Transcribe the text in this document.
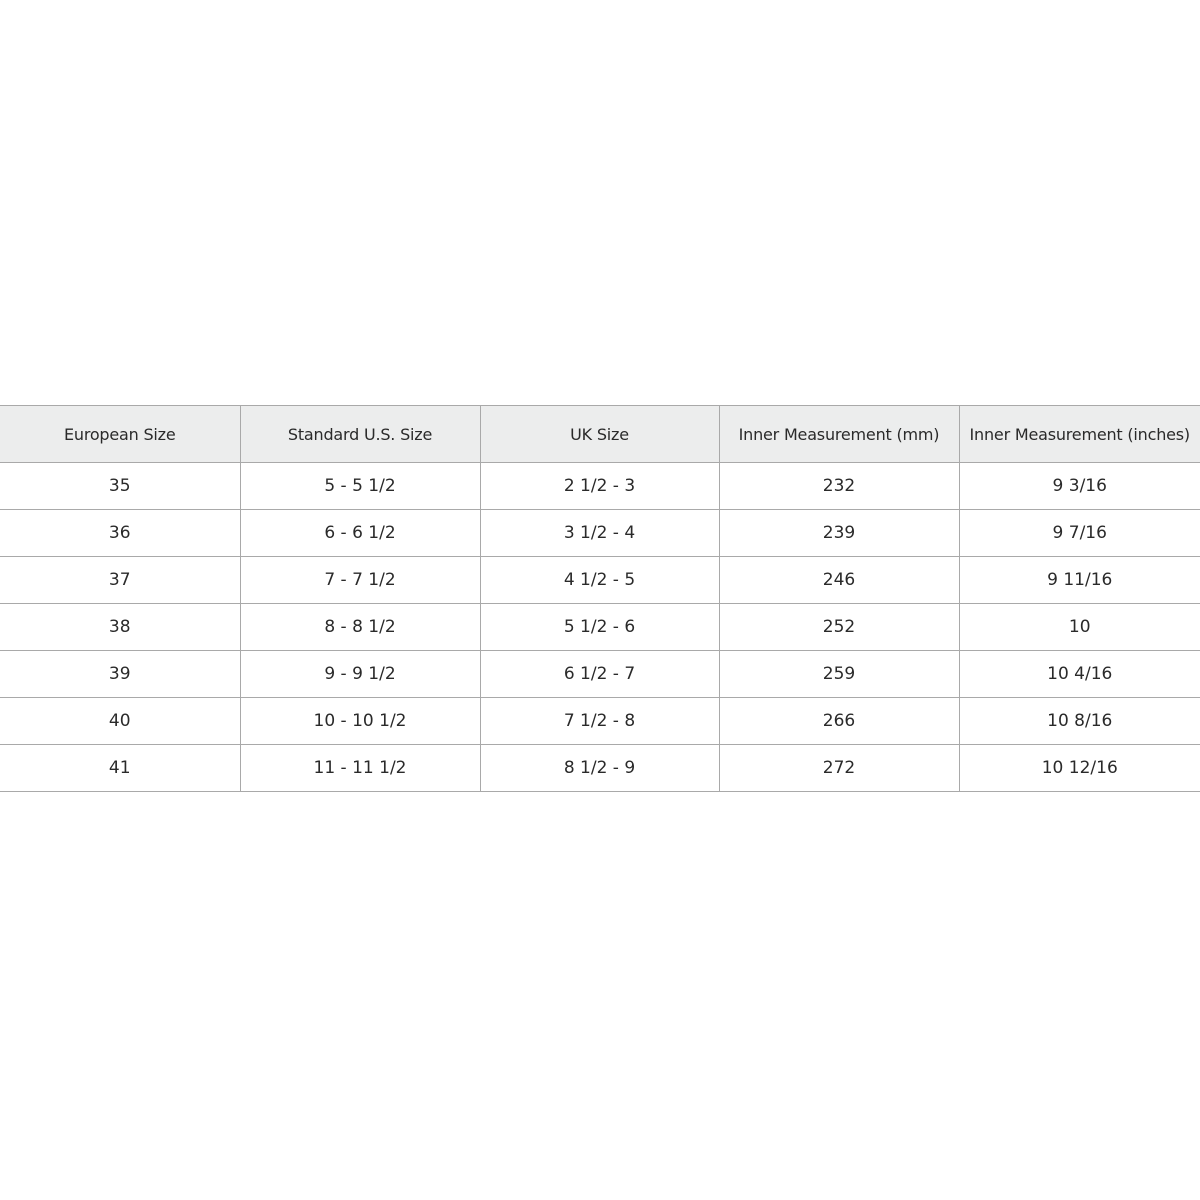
European Size	Standard U.S. Size	UK Size	Inner Measurement (mm)	Inner Measurement (inches)
35	5 - 5 1/2	2 1/2 - 3	232	9 3/16
36	6 - 6 1/2	3 1/2 - 4	239	9 7/16
37	7 - 7 1/2	4 1/2 - 5	246	9 11/16
38	8 - 8 1/2	5 1/2 - 6	252	10
39	9 - 9 1/2	6 1/2 - 7	259	10 4/16
40	10 - 10 1/2	7 1/2 - 8	266	10 8/16
41	11 - 11 1/2	8 1/2 - 9	272	10 12/16
